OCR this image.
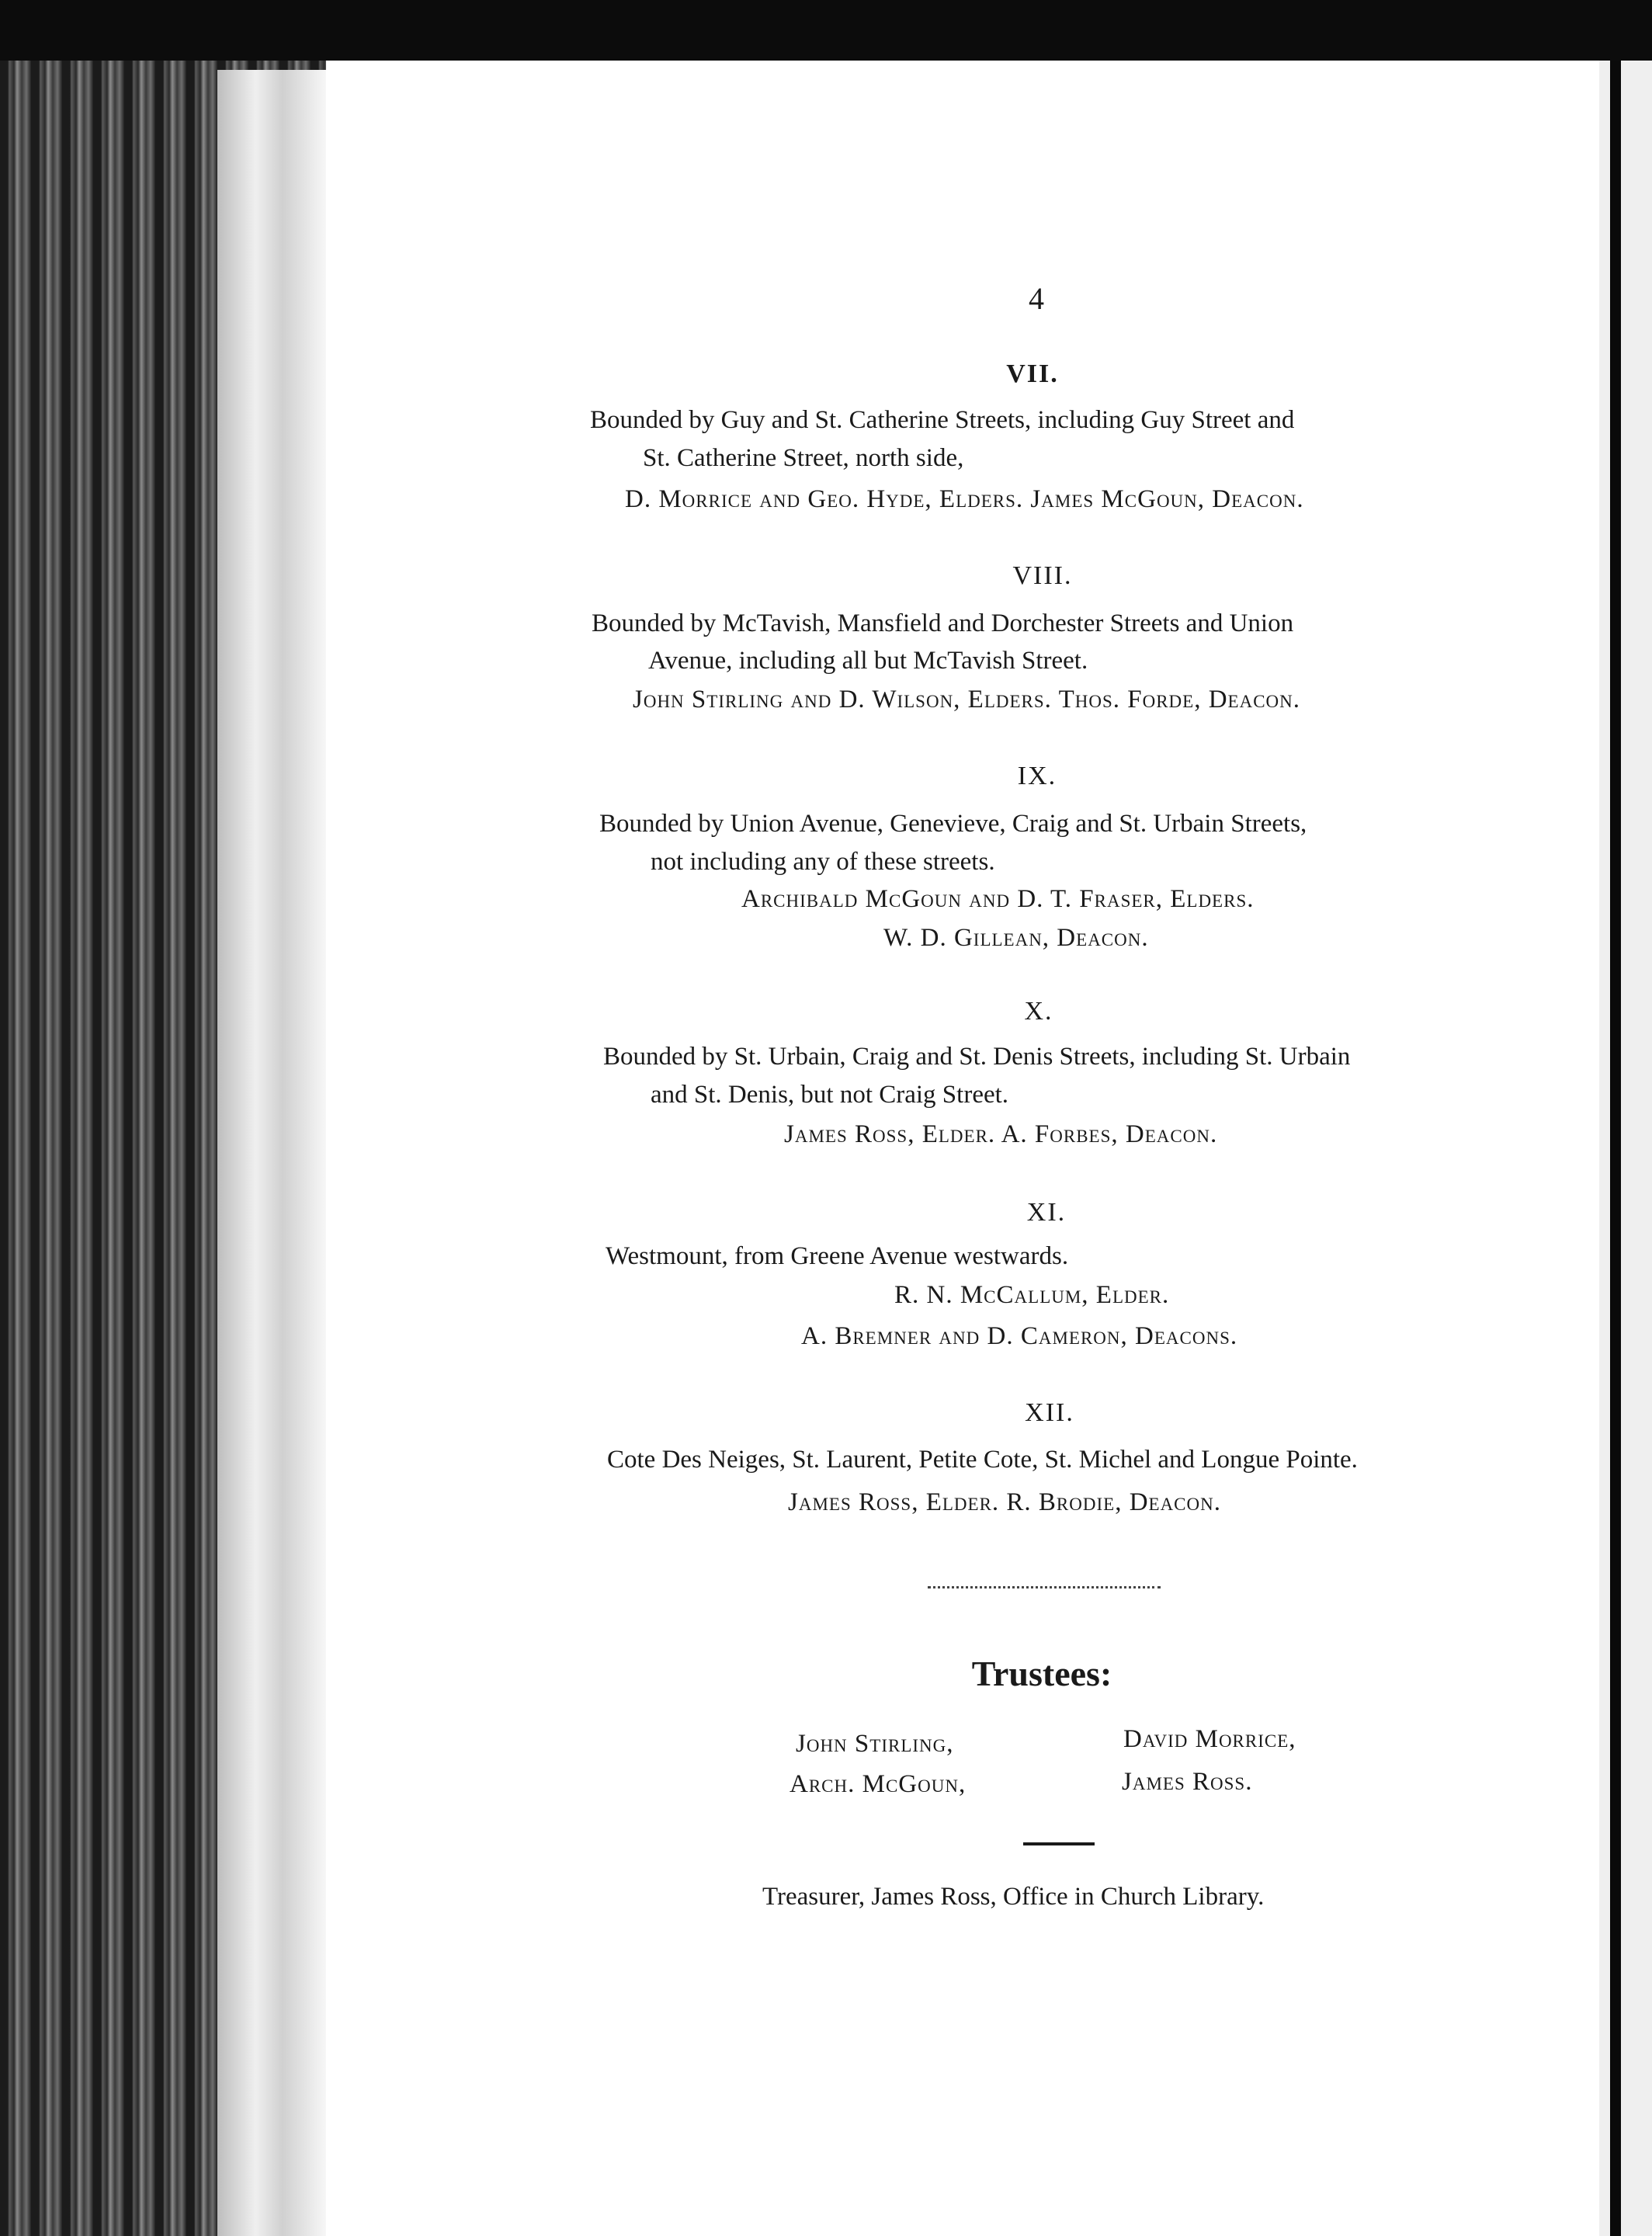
4
VII.
Bounded by Guy and St. Catherine Streets, including Guy Street and
St. Catherine Street, north side,
D. Morrice and Geo. Hyde, Elders. James McGoun, Deacon.
VIII.
Bounded by McTavish, Mansfield and Dorchester Streets and Union
Avenue, including all but McTavish Street.
John Stirling and D. Wilson, Elders. Thos. Forde, Deacon.
IX.
Bounded by Union Avenue, Genevieve, Craig and St. Urbain Streets,
not including any of these streets.
Archibald McGoun and D. T. Fraser, Elders.
W. D. Gillean, Deacon.
X.
Bounded by St. Urbain, Craig and St. Denis Streets, including St. Urbain
and St. Denis, but not Craig Street.
James Ross, Elder. A. Forbes, Deacon.
XI.
Westmount, from Greene Avenue westwards.
R. N. McCallum, Elder.
A. Bremner and D. Cameron, Deacons.
XII.
Cote Des Neiges, St. Laurent, Petite Cote, St. Michel and Longue Pointe.
James Ross, Elder. R. Brodie, Deacon.
Trustees:
John Stirling,	David Morrice,
Arch. McGoun,	James Ross.
Treasurer, James Ross, Office in Church Library.
